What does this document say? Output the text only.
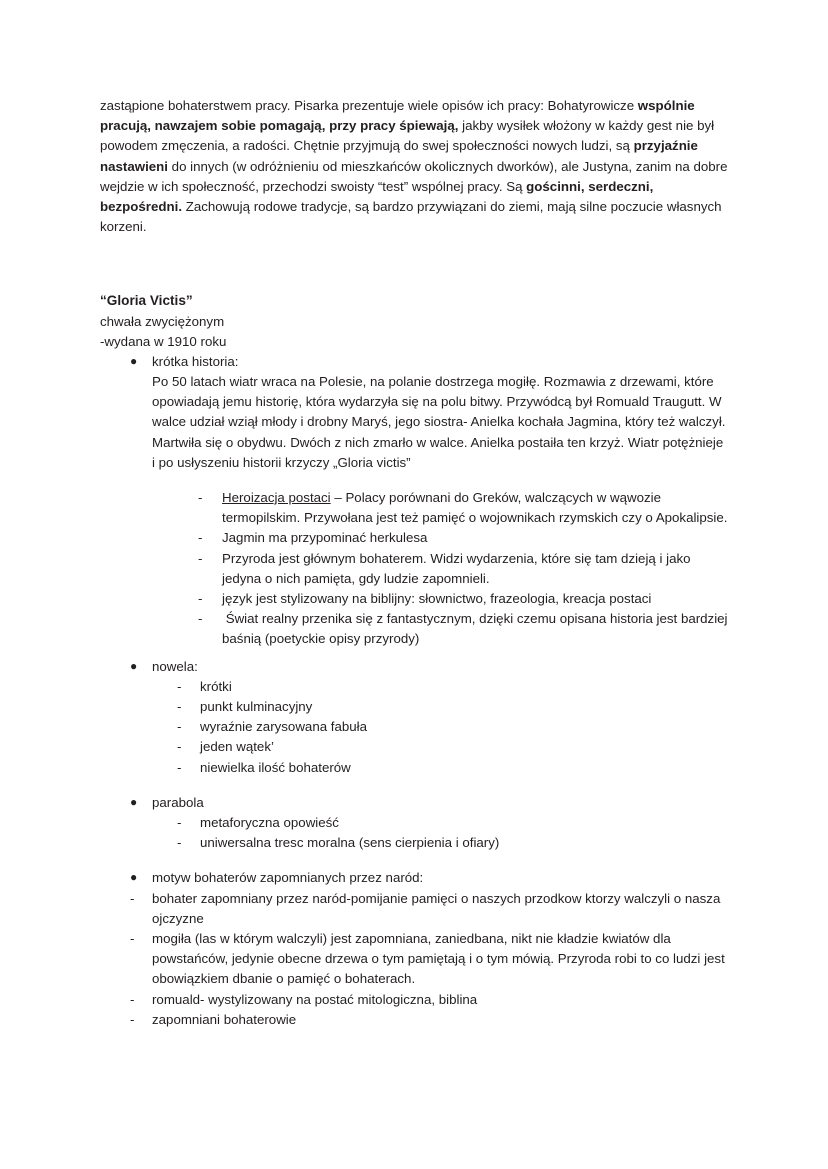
zastąpione bohaterstwem pracy. Pisarka prezentuje wiele opisów ich pracy: Bohatyrowicze wspólnie pracują, nawzajem sobie pomagają, przy pracy śpiewają, jakby wysiłek włożony w każdy gest nie był powodem zmęczenia, a radości. Chętnie przyjmują do swej społeczności nowych ludzi, są przyjaźnie nastawieni do innych (w odróżnieniu od mieszkańców okolicznych dworków), ale Justyna, zanim na dobre wejdzie w ich społeczność, przechodzi swoisty “test” wspólnej pracy. Są gościnni, serdeczni, bezpośredni. Zachowują rodowe tradycje, są bardzo przywiązani do ziemi, mają silne poczucie własnych korzeni.

“Gloria Victis”
chwała zwyciężonym
-wydana w 1910 roku
●	krótka historia:
Po 50 latach wiatr wraca na Polesie, na polanie dostrzega mogiłę. Rozmawia z drzewami, które opowiadają jemu historię, która wydarzyła się na polu bitwy. Przywódcą był Romuald Traugutt. W walce udział wziął młody i drobny Maryś, jego siostra- Anielka kochała Jagmina, który też walczył. Martwiła się o obydwu. Dwóch z nich zmarło w walce. Anielka postaiła ten krzyż. Wiatr potężnieje i po usłyszeniu historii krzyczy „Gloria victis”
-	Heroizacja postaci – Polacy porównani do Greków, walczących w wąwozie termopilskim. Przywołana jest też pamięć o wojownikach rzymskich czy o Apokalipsie.
-	Jagmin ma przypominać herkulesa
-	Przyroda jest głównym bohaterem. Widzi wydarzenia, które się tam dzieją i jako jedyna o nich pamięta, gdy ludzie zapomnieli.
-	język jest stylizowany na biblijny: słownictwo, frazeologia, kreacja postaci
-	Świat realny przenika się z fantastycznym, dzięki czemu opisana historia jest bardziej baśnią (poetyckie opisy przyrody)
●	nowela:
-	krótki
-	punkt kulminacyjny
-	wyraźnie zarysowana fabuła
-	jeden wątek’
-	niewielka ilość bohaterów
●	parabola
-	metaforyczna opowieść
-	uniwersalna tresc moralna (sens cierpienia i ofiary)
●	motyw bohaterów zapomnianych przez naród:
-	bohater zapomniany przez naród-pomijanie pamięci o naszych przodkow ktorzy walczyli o nasza ojczyzne
-	mogiła (las w którym walczyli) jest zapomniana, zaniedbana, nikt nie kładzie kwiatów dla powstańców, jedynie obecne drzewa o tym pamiętają i o tym mówią. Przyroda robi to co ludzi jest obowiązkiem dbanie o pamięć o bohaterach.
-	romuald- wystylizowany na postać mitologiczna, biblina
-	zapomniani bohaterowie
